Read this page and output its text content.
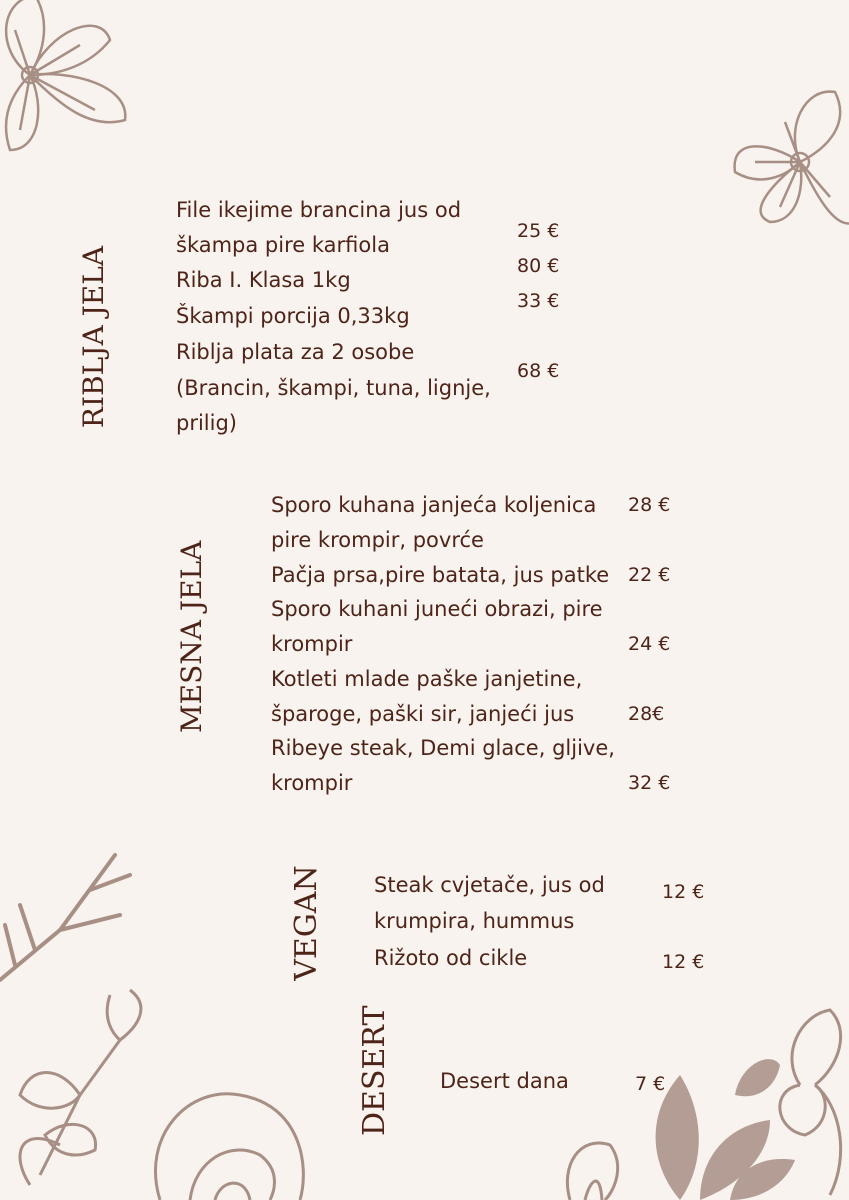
RIBLJA JELA
File ikejime brancina jus od
škampa pire karfiola
Riba I. Klasa 1kg
Škampi porcija 0,33kg
Riblja plata za 2 osobe
(Brancin, škampi, tuna, lignje,
prilig)
25 €
80 €
33 €
68 €
MESNA JELA
Sporo kuhana janjeća koljenica
pire krompir, povrće
Pačja prsa,pire batata, jus patke
Sporo kuhani juneći obrazi, pire
krompir
Kotleti mlade paške janjetine,
šparoge, paški sir, janjeći jus
Ribeye steak, Demi glace, gljive,
krompir
28 €
22 €
24 €
28€
32 €
VEGAN Steak cvjetače, jus od
krumpira, hummus
Rižoto od cikle
12 €
12 €
DESERT Desert dana	7 €
